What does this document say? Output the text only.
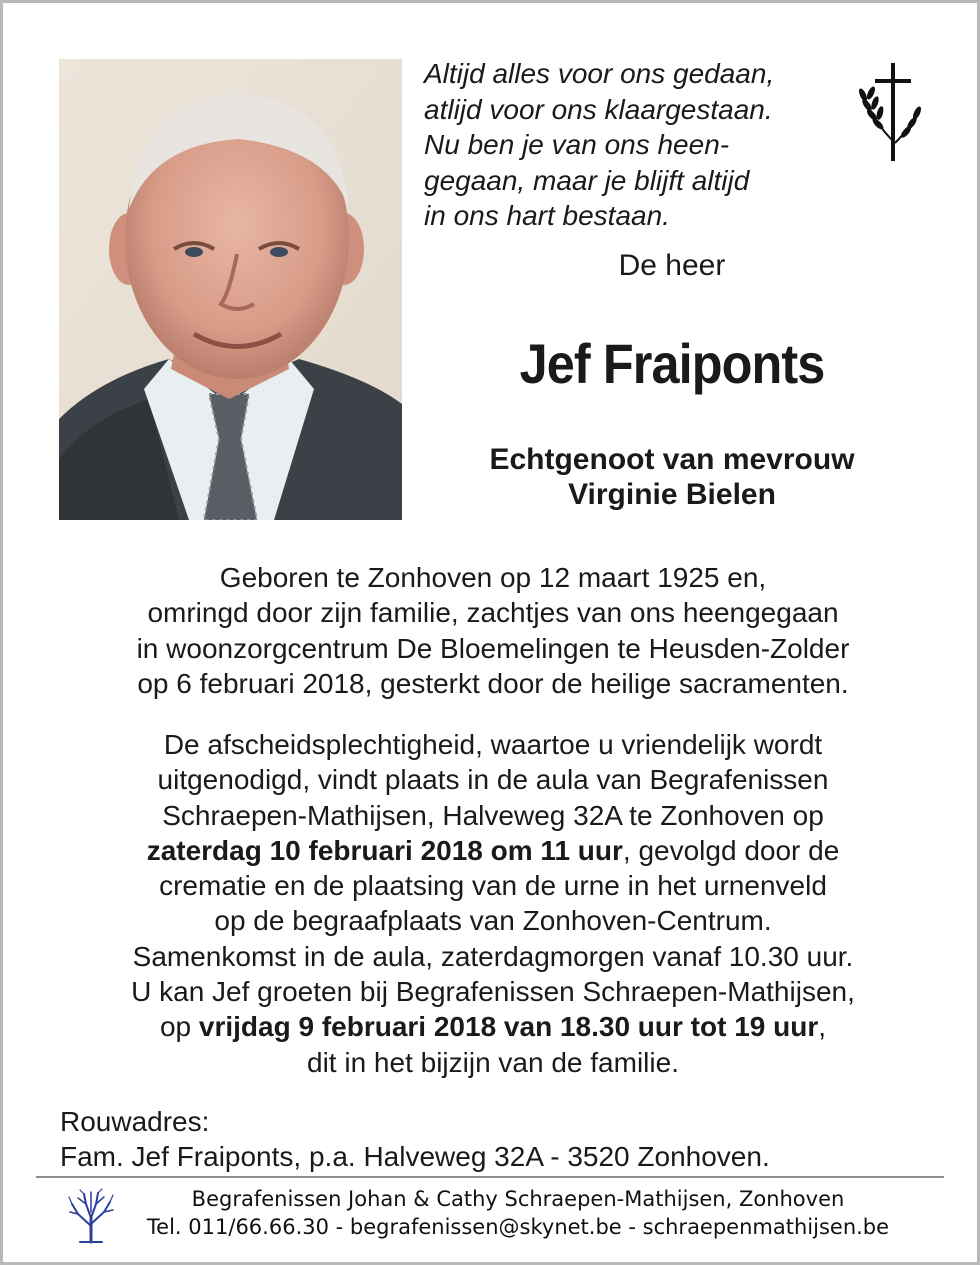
Altijd alles voor ons gedaan,
atlijd voor ons klaargestaan.
Nu ben je van ons heen-
gegaan, maar je blijft altijd
in ons hart bestaan.
De heer
Jef Fraiponts
Echtgenoot van mevrouw
Virginie Bielen
Geboren te Zonhoven op 12 maart 1925 en,
omringd door zijn familie, zachtjes van ons heengegaan
in woonzorgcentrum De Bloemelingen te Heusden-Zolder
op 6 februari 2018, gesterkt door de heilige sacramenten.
De afscheidsplechtigheid, waartoe u vriendelijk wordt
uitgenodigd, vindt plaats in de aula van Begrafenissen
Schraepen-Mathijsen, Halveweg 32A te Zonhoven op
zaterdag 10 februari 2018 om 11 uur, gevolgd door de
crematie en de plaatsing van de urne in het urnenveld
op de begraafplaats van Zonhoven-Centrum.
Samenkomst in de aula, zaterdagmorgen vanaf 10.30 uur.
U kan Jef groeten bij Begrafenissen Schraepen-Mathijsen,
op vrijdag 9 februari 2018 van 18.30 uur tot 19 uur,
dit in het bijzijn van de familie.
Rouwadres:
Fam. Jef Fraiponts, p.a. Halveweg 32A - 3520 Zonhoven.
Begrafenissen Johan & Cathy Schraepen-Mathijsen, Zonhoven
Tel. 011/66.66.30 - begrafenissen@skynet.be - schraepenmathijsen.be
